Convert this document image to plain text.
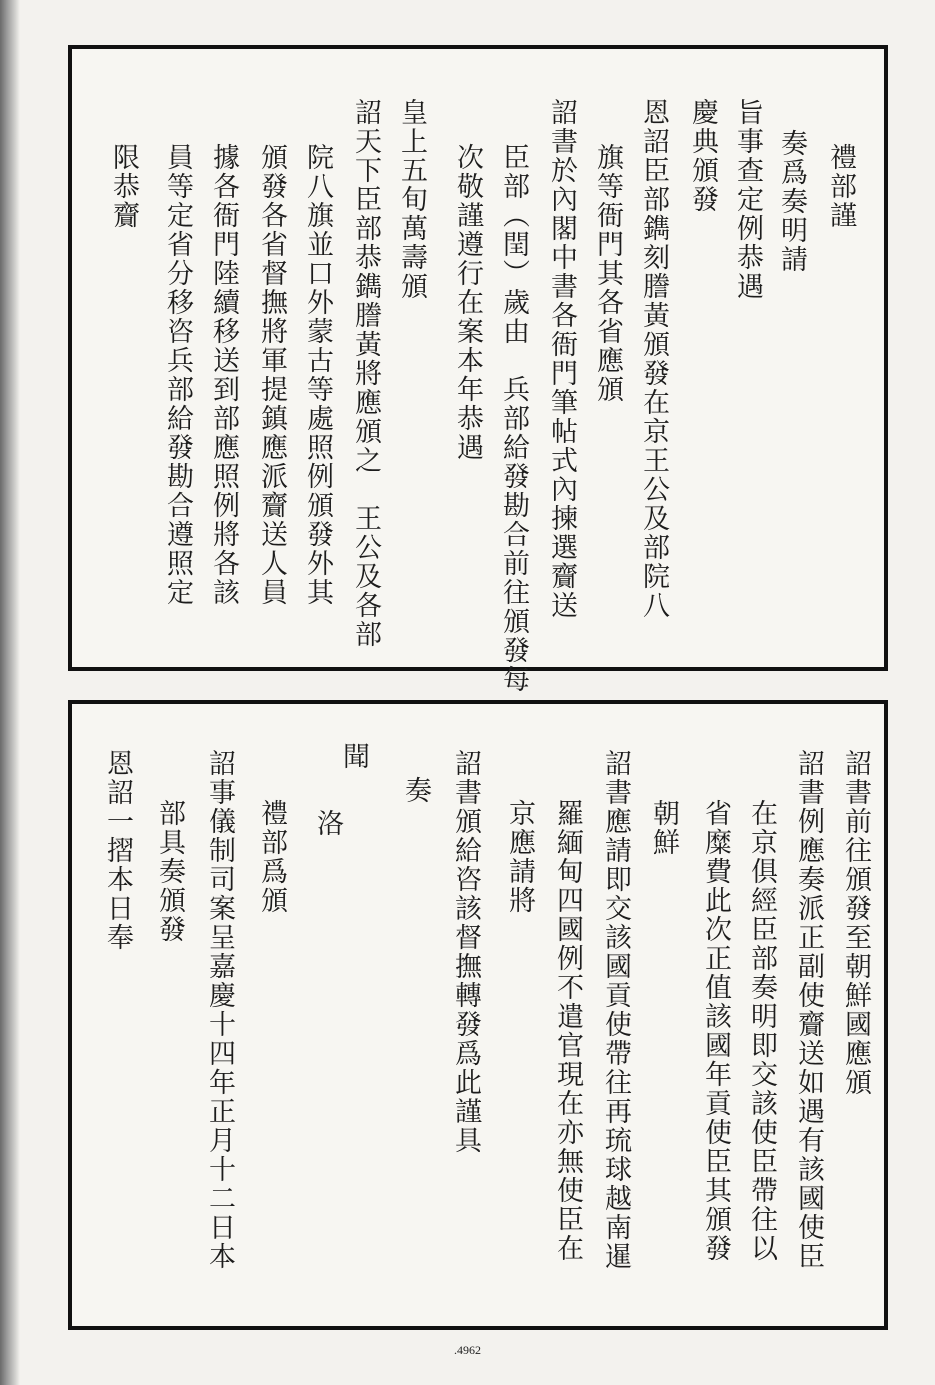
禮部謹
奏爲奏明請
旨事查定例恭遇
慶典頒發
恩詔臣部鐫刻謄黃頒發在京王公及部院八
旗等衙門其各省應頒
詔書於內閣中書各衙門筆帖式內揀選齎送
臣部（閏）歲由　兵部給發勘合前往頒發每
次敬謹遵行在案本年恭遇
皇上五旬萬壽頒
詔天下臣部恭鐫謄黃將應頒之　王公及各部
院八旗並口外蒙古等處照例頒發外其
頒發各省督撫將軍提鎮應派齎送人員
據各衙門陸續移送到部應照例將各該
員等定省分移咨兵部給發勘合遵照定
限恭齎
詔書前往頒發至朝鮮國應頒
詔書例應奏派正副使齎送如遇有該國使臣
在京俱經臣部奏明即交該使臣帶往以
省糜費此次正值該國年貢使臣其頒發
朝鮮
詔書應請即交該國貢使帶往再琉球越南暹
羅緬甸四國例不遣官現在亦無使臣在
京應請將
詔書頒給咨該督撫轉發爲此謹具
奏
聞
洛
禮部爲頒
詔事儀制司案呈嘉慶十四年正月十二日本
部具奏頒發
恩詔一摺本日奉
.4962
